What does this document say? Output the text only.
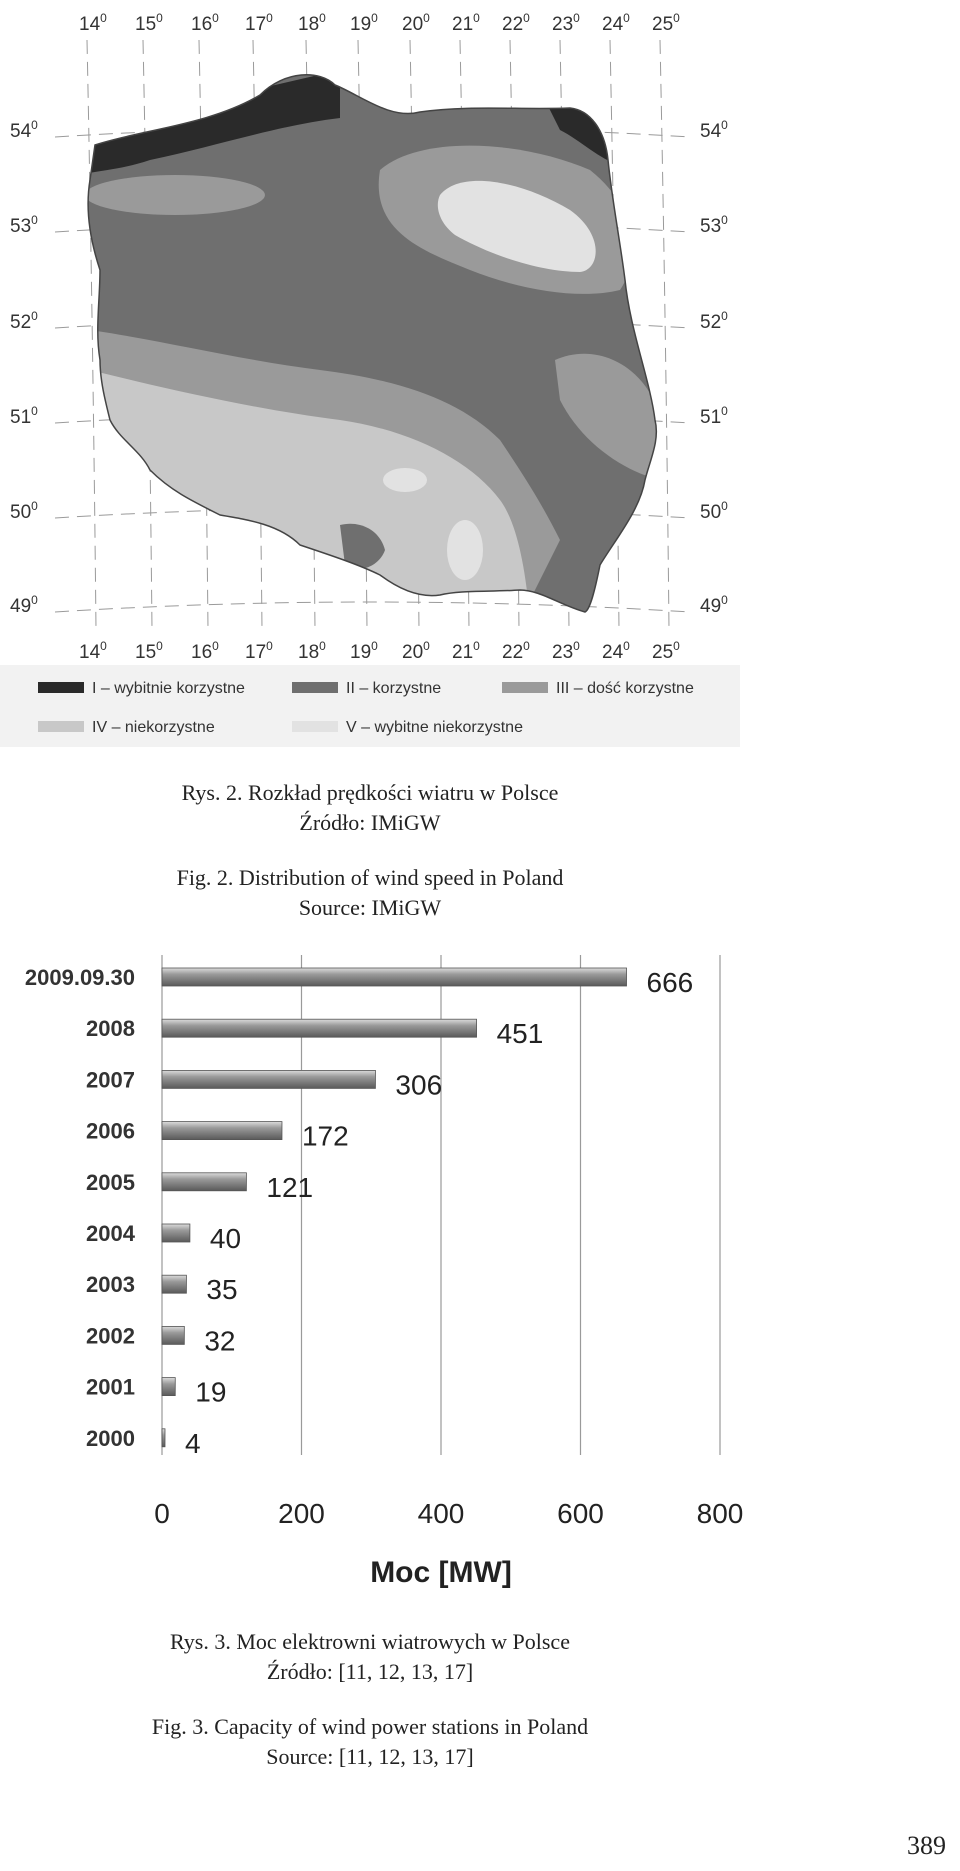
$14^0$ $15^0$ $16^0$ $17^0$ $18^0$ $19^0$ $20^0$ $21^0$ $22^0$ $23^0$ $24^0$ $25^0$
$14^0$ $15^0$ $16^0$ $17^0$ $18^0$ $19^0$ $20^0$ $21^0$ $22^0$ $23^0$ $24^0$ $25^0$
$54^0$
$53^0$
$52^0$
$51^0$
$50^0$
$49^0$
$54^0$
$53^0$
$52^0$
$51^0$
$50^0$
$49^0$
I – wybitnie korzystne	II – korzystne	III – dość korzystne
IV – niekorzystne	V – wybitne niekorzystne
Rys. 2. Rozkład prędkości wiatru w Polsce
Źródło: IMiGW
Fig. 2. Distribution of wind speed in Poland
Source: IMiGW
2009.09.30
2008
2007
2006
2005
2004
2003
2002
2001
2000
666
451
306
172
121
40
35
32
19
4
0	200	400	600	800
Moc [MW]
Rys. 3. Moc elektrowni wiatrowych w Polsce
Źródło: [11, 12, 13, 17]
Fig. 3. Capacity of wind power stations in Poland
Source: [11, 12, 13, 17]
389
